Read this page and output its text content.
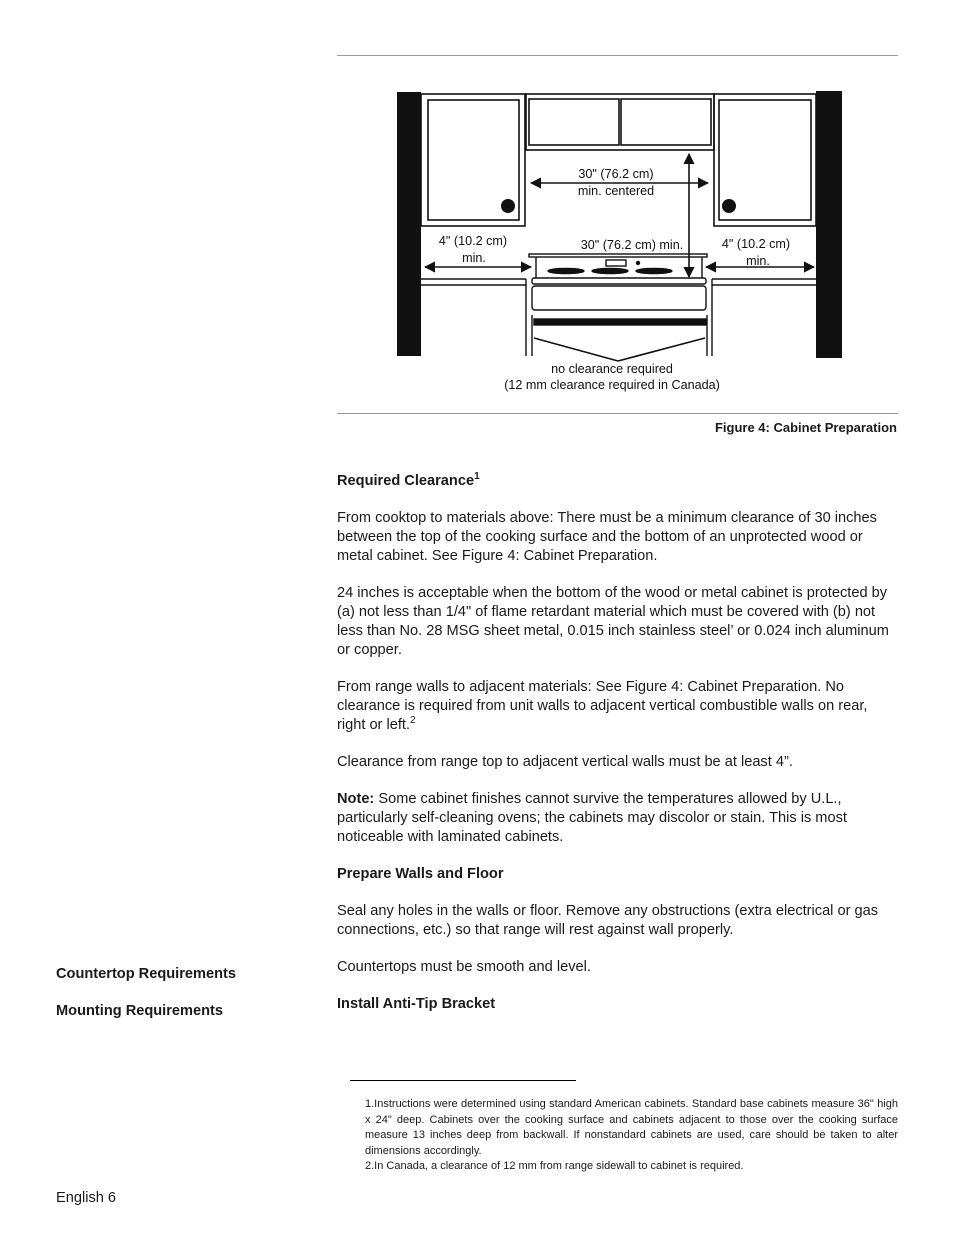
30" (76.2 cm)
min. centered
4" (10.2 cm)
min.
30" (76.2 cm) min.	4" (10.2 cm)
min.
no clearance required
(12 mm clearance required in Canada)
Figure 4: Cabinet Preparation
Required Clearance$^1$

From cooktop to materials above: There must be a minimum clearance of 30 inches between the top of the cooking surface and the bottom of an unprotected wood or metal cabinet. See Figure 4: Cabinet Preparation.

24 inches is acceptable when the bottom of the wood or metal cabinet is protected by (a) not less than 1/4" of flame retardant material which must be covered with (b) not less than No. 28 MSG sheet metal, 0.015 inch stainless steel’ or 0.024 inch aluminum or copper.

From range walls to adjacent materials: See Figure 4: Cabinet Preparation. No clearance is required from unit walls to adjacent vertical combustible walls on rear, right or left.$^2$

Clearance from range top to adjacent vertical walls must be at least 4”.

Note: Some cabinet finishes cannot survive the temperatures allowed by U.L., particularly self-cleaning ovens; the cabinets may discolor or stain. This is most noticeable with laminated cabinets.

Prepare Walls and Floor

Seal any holes in the walls or floor. Remove any obstructions (extra electrical or gas connections, etc.) so that range will rest against wall properly.

Countertops must be smooth and level.

Install Anti-Tip Bracket
Countertop Requirements
Mounting Requirements

1.Instructions were determined using standard American cabinets. Standard base cabinets measure 36" high x 24" deep. Cabinets over the cooking surface and cabinets adjacent to those over the cooking surface measure 13 inches deep from backwall. If nonstandard cabinets are used, care should be taken to alter dimensions accordingly.

2.In Canada, a clearance of 12 mm from range sidewall to cabinet is required.

English 6
